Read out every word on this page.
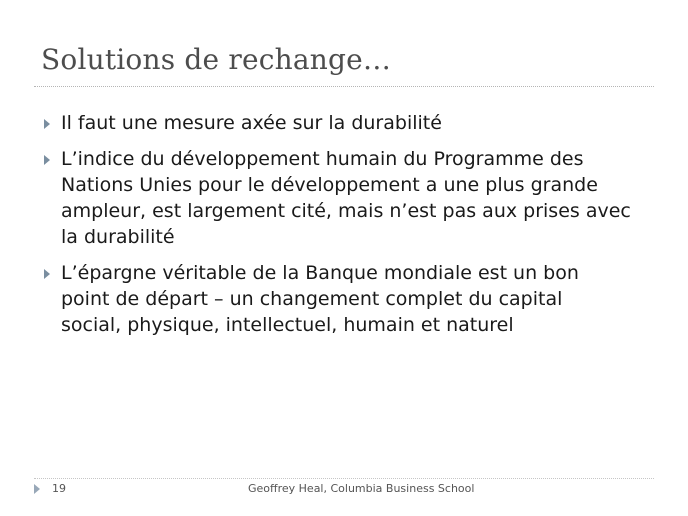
Solutions de rechange…
Il faut une mesure axée sur la durabilité
L’indice du développement humain du Programme des
Nations Unies pour le développement a une plus grande
ampleur, est largement cité, mais n’est pas aux prises avec
la durabilité
L’épargne véritable de la Banque mondiale est un bon
point de départ – un changement complet du capital
social, physique, intellectuel, humain et naturel
19	Geoffrey Heal, Columbia Business School
